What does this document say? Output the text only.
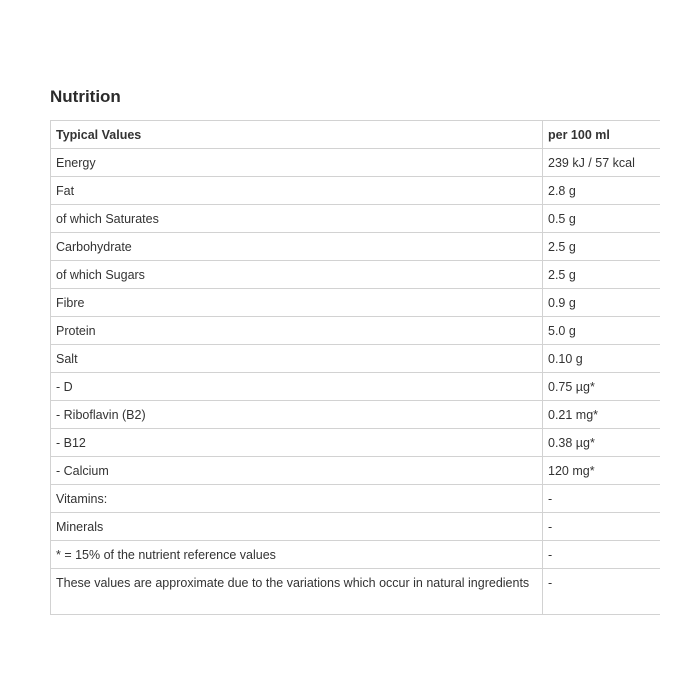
Nutrition
Typical Values	per 100 ml
Energy	239 kJ / 57 kcal
Fat	2.8 g
of which Saturates	0.5 g
Carbohydrate	2.5 g
of which Sugars	2.5 g
Fibre	0.9 g
Protein	5.0 g
Salt	0.10 g
- D	0.75 µg*
- Riboflavin (B2)	0.21 mg*
- B12	0.38 µg*
- Calcium	120 mg*
Vitamins:	-
Minerals	-
* = 15% of the nutrient reference values	-
These values are approximate due to the variations which occur in natural ingredients	-
